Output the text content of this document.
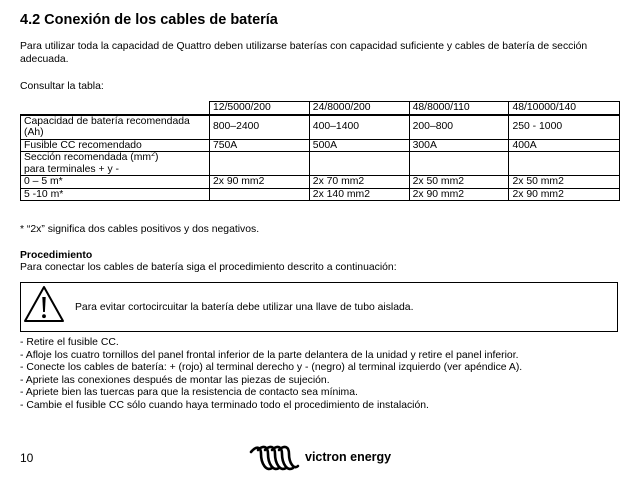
4.2 Conexión de los cables de batería
Para utilizar toda la capacidad de Quattro deben utilizarse baterías con capacidad suficiente y cables de batería de sección adecuada.
Consultar la tabla:
	12/5000/200	24/8000/200	48/8000/110	48/10000/140
Capacidad de batería recomendada (Ah)	800–2400	400–1400	200–800	250 - 1000
Fusible CC recomendado	750A	500A	300A	400A
Sección recomendada $(mm^2)$
para terminales + y -				
0 – 5 m*	2x 90 mm2	2x 70 mm2	2x 50 mm2	2x 50 mm2
5 -10 m*		2x 140 mm2	2x 90 mm2	2x 90 mm2
* “2x” significa dos cables positivos y dos negativos.
Procedimiento
Para conectar los cables de batería siga el procedimiento descrito a continuación:
Para evitar cortocircuitar la batería debe utilizar una llave de tubo aislada.
- Retire el fusible CC.
- Afloje los cuatro tornillos del panel frontal inferior de la parte delantera de la unidad y retire el panel inferior.
- Conecte los cables de batería: + (rojo) al terminal derecho y - (negro) al terminal izquierdo (ver apéndice A).
- Apriete las conexiones después de montar las piezas de sujeción.
- Apriete bien las tuercas para que la resistencia de contacto sea mínima.
- Cambie el fusible CC sólo cuando haya terminado todo el procedimiento de instalación.
10	victron energy
